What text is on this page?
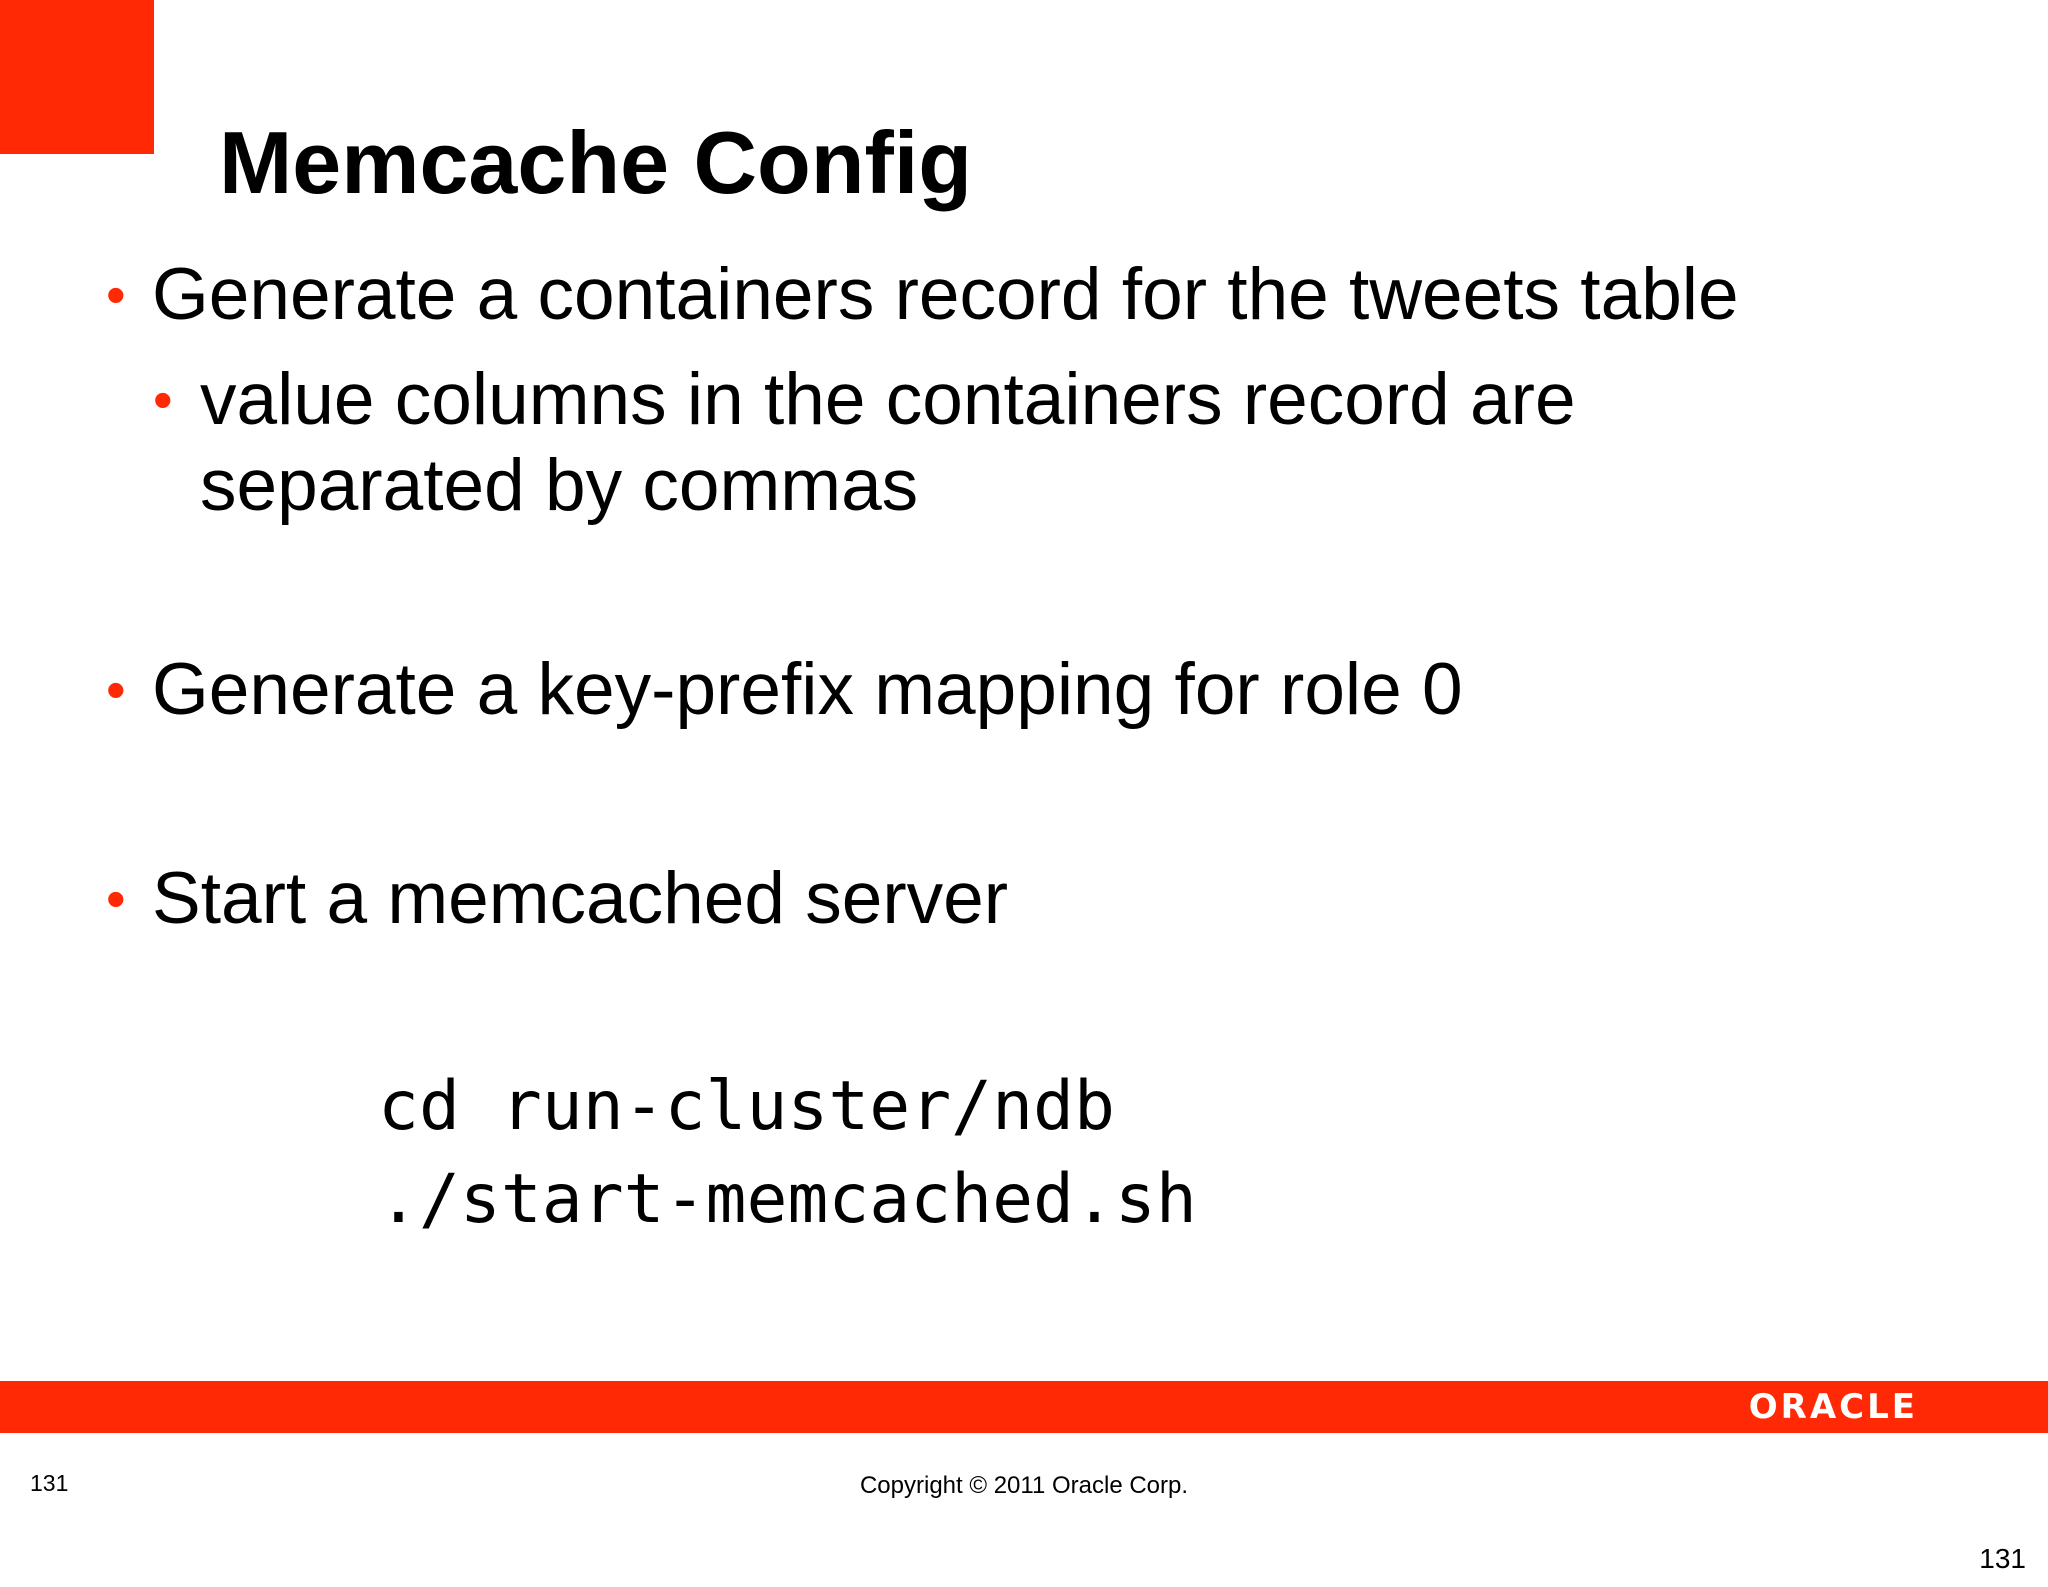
Memcache Config
• Generate a containers record for the tweets table
• value columns in the containers record are
separated by commas
• Generate a key-prefix mapping for role 0
• Start a memcached server
cd run-cluster/ndb
./start-memcached.sh
ORACLE
131	Copyright © 2011 Oracle Corp.
131
